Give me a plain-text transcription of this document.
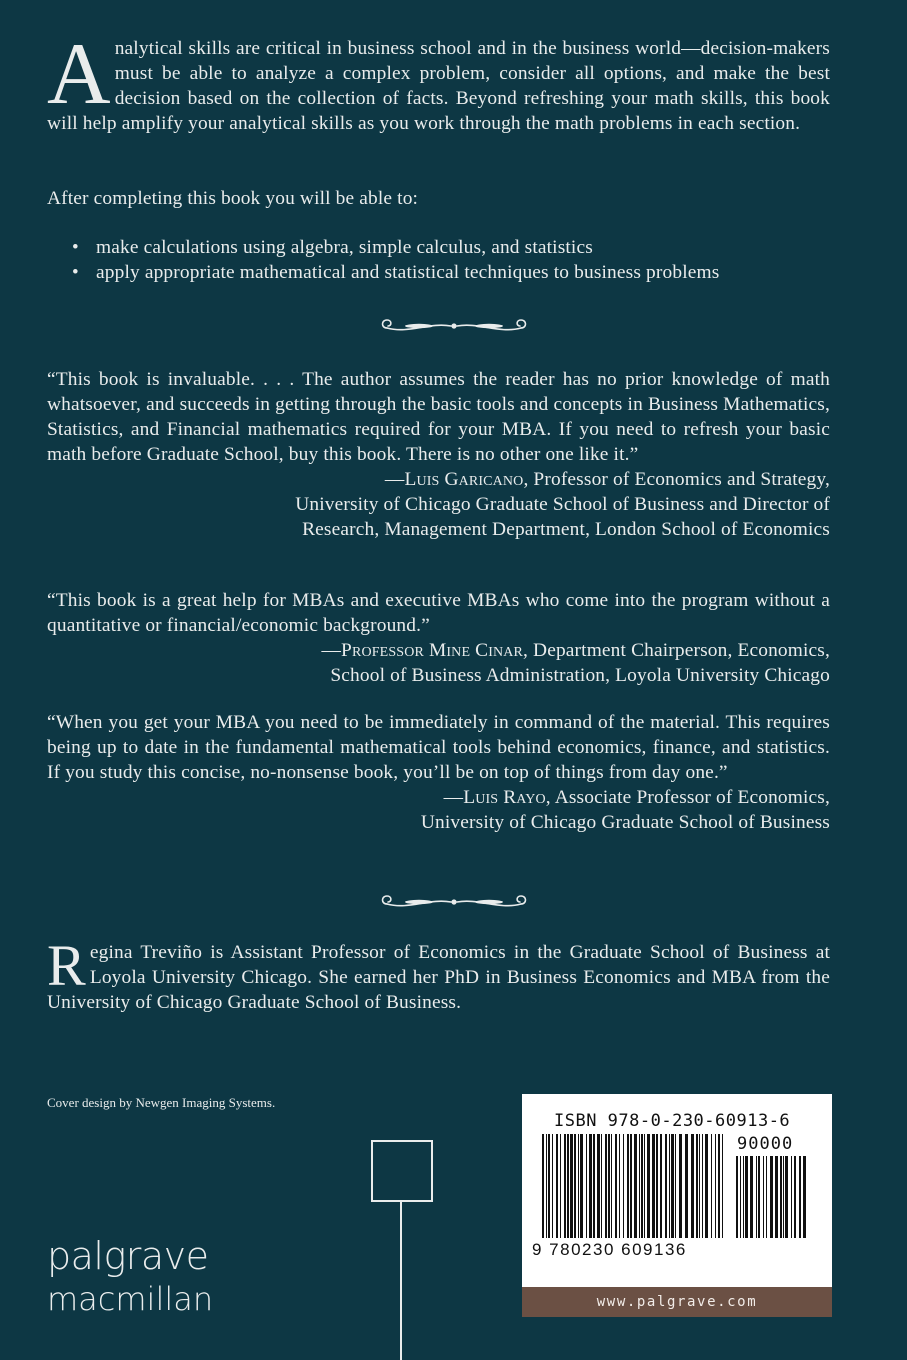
Analytical skills are critical in business school and in the business world—decision-makers must be able to analyze a complex problem, consider all options, and make the best decision based on the collection of facts. Beyond refreshing your math skills, this book will help amplify your analytical skills as you work through the math problems in each section.

After completing this book you will be able to:

• make calculations using algebra, simple calculus, and statistics
• apply appropriate mathematical and statistical techniques to business problems

“This book is invaluable. . . . The author assumes the reader has no prior knowledge of math whatsoever, and succeeds in getting through the basic tools and concepts in Business Mathematics, Statistics, and Financial mathematics required for your MBA. If you need to refresh your basic math before Graduate School, buy this book. There is no other one like it.”

—Luis Garicano, Professor of Economics and Strategy,

University of Chicago Graduate School of Business and Director of

Research, Management Department, London School of Economics

“This book is a great help for MBAs and executive MBAs who come into the program without a quantitative or financial/economic background.”

—Professor Mine Cinar, Department Chairperson, Economics,

School of Business Administration, Loyola University Chicago

“When you get your MBA you need to be immediately in command of the material. This requires being up to date in the fundamental mathematical tools behind economics, finance, and statistics. If you study this concise, no-nonsense book, you’ll be on top of things from day one.”

—Luis Rayo, Associate Professor of Economics,

University of Chicago Graduate School of Business

Regina Treviño is Assistant Professor of Economics in the Graduate School of Business at Loyola University Chicago. She earned her PhD in Business Economics and MBA from the University of Chicago Graduate School of Business.

Cover design by Newgen Imaging Systems.
palgrave
macmillan
ISBN 978-0-230-60913-6
90000
9 780230 609136
www.palgrave.com
